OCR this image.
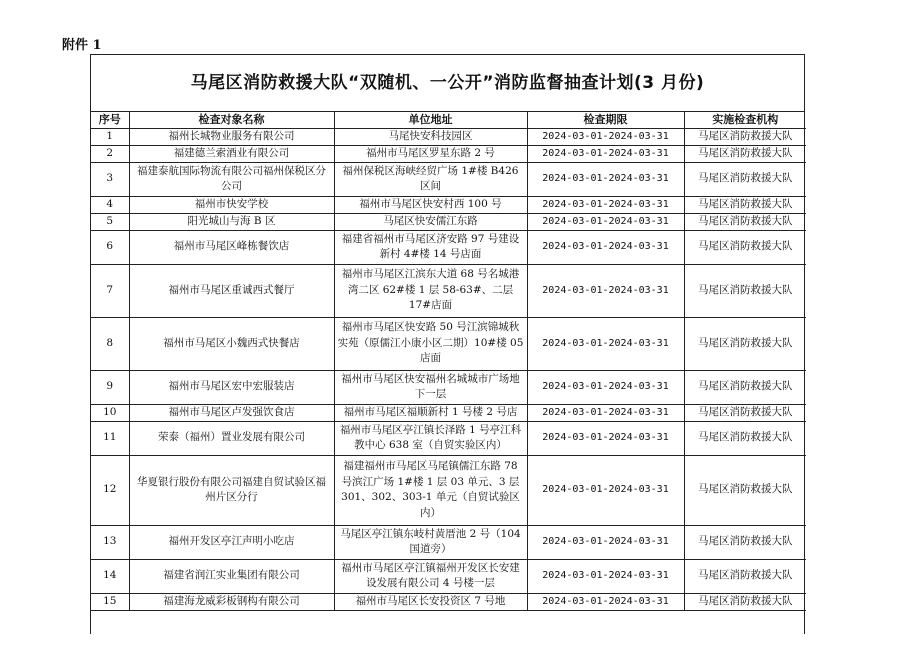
附件 1
马尾区消防救援大队“双随机、一公开”消防监督抽查计划(3 月份)
序号	检查对象名称	单位地址	检查期限	实施检查机构
1	福州长城物业服务有限公司	马尾快安科技园区	2024-03-01-2024-03-31	马尾区消防救援大队
2	福建德兰索酒业有限公司	福州市马尾区罗星东路 2 号	2024-03-01-2024-03-31	马尾区消防救援大队
3	福建泰航国际物流有限公司福州保税区分公司	福州保税区海峡经贸广场 1#楼 B426 区间	2024-03-01-2024-03-31	马尾区消防救援大队
4	福州市快安学校	福州市马尾区快安村西 100 号	2024-03-01-2024-03-31	马尾区消防救援大队
5	阳光城山与海 B 区	马尾区快安儒江东路	2024-03-01-2024-03-31	马尾区消防救援大队
6	福州市马尾区峰栋餐饮店	福建省福州市马尾区济安路 97 号建设新村 4#楼 14 号店面	2024-03-01-2024-03-31	马尾区消防救援大队
7	福州市马尾区重诚西式餐厅	福州市马尾区江滨东大道 68 号名城港湾二区 62#楼 1 层 58-63#、二层 17#店面	2024-03-01-2024-03-31	马尾区消防救援大队
8	福州市马尾区小魏西式快餐店	福州市马尾区快安路 50 号江滨锦城秋实苑（原儒江小康小区二期）10#楼 05 店面	2024-03-01-2024-03-31	马尾区消防救援大队
9	福州市马尾区宏中宏服装店	福州市马尾区快安福州名城城市广场地下一层	2024-03-01-2024-03-31	马尾区消防救援大队
10	福州市马尾区卢发强饮食店	福州市马尾区福顺新村 1 号楼 2 号店	2024-03-01-2024-03-31	马尾区消防救援大队
11	荣泰（福州）置业发展有限公司	福州市马尾区亭江镇长泽路 1 号亭江科教中心 638 室（自贸实验区内）	2024-03-01-2024-03-31	马尾区消防救援大队
12	华夏银行股份有限公司福建自贸试验区福州片区分行	福建福州市马尾区马尾镇儒江东路 78 号滨江广场 1#楼 1 层 03 单元、3 层 301、302、303-1 单元（自贸试验区内）	2024-03-01-2024-03-31	马尾区消防救援大队
13	福州开发区亭江声明小吃店	马尾区亭江镇东岐村黄厝池 2 号（104 国道旁）	2024-03-01-2024-03-31	马尾区消防救援大队
14	福建省润江实业集团有限公司	福州市马尾区亭江镇福州开发区长安建设发展有限公司 4 号楼一层	2024-03-01-2024-03-31	马尾区消防救援大队
15	福建海龙威彩板钢构有限公司	福州市马尾区长安投资区 7 号地	2024-03-01-2024-03-31	马尾区消防救援大队
